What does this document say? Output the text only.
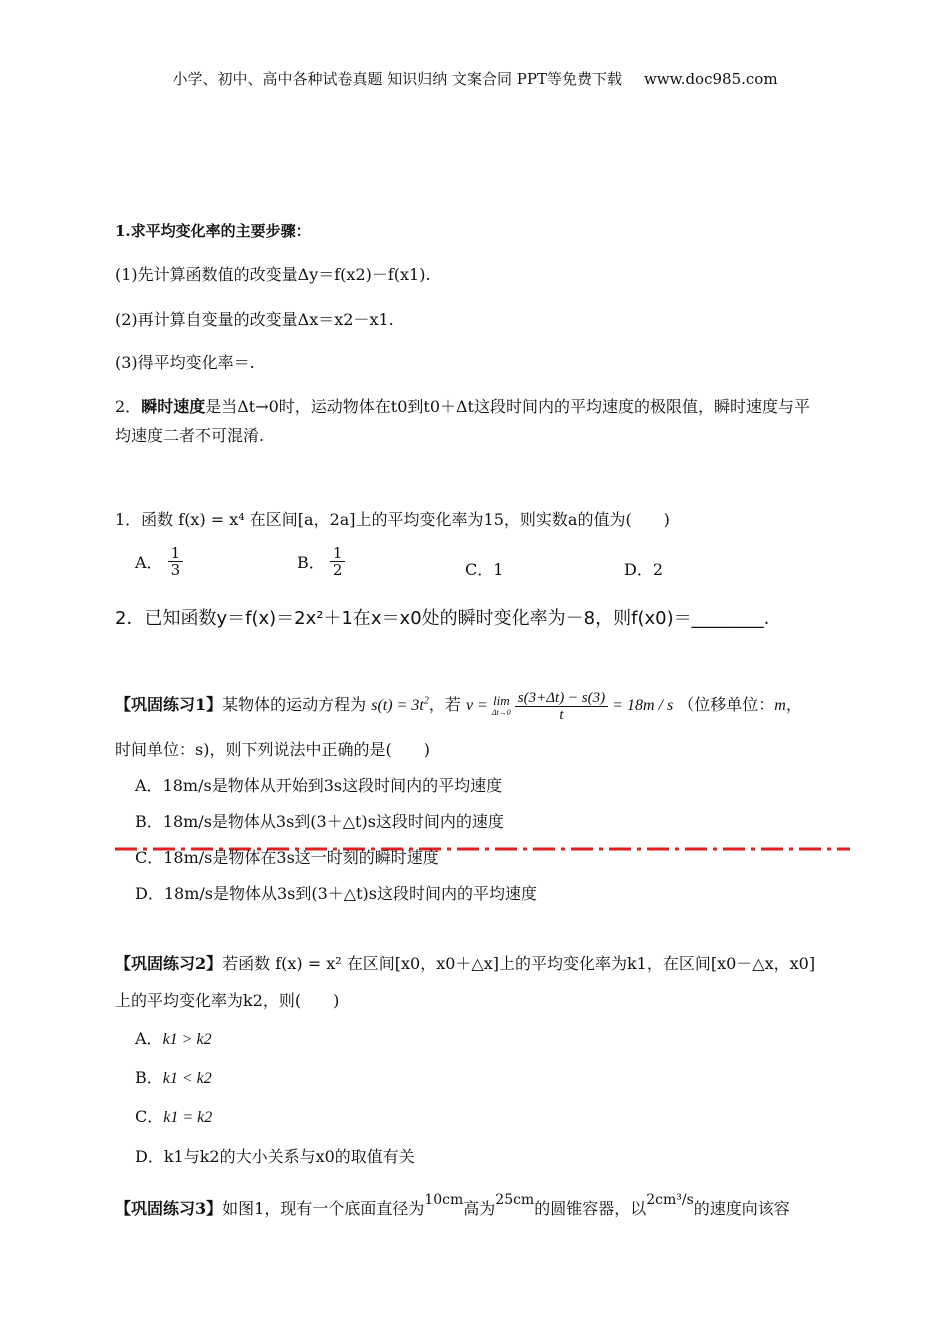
小学、初中、高中各种试卷真题 知识归纳 文案合同 PPT等免费下载 www.doc985.com
1.求平均变化率的主要步骤：
(1)先计算函数值的改变量Δy＝f(x2)－f(x1).
(2)再计算自变量的改变量Δx＝x2－x1.
(3)得平均变化率＝.
2．瞬时速度是当Δt→0时，运动物体在t0到t0＋Δt这段时间内的平均速度的极限值，瞬时速度与平
均速度二者不可混淆.
1．函数 f(x) = x⁴ 在区间[a，2a]上的平均变化率为15，则实数a的值为(　　)
A． $\frac{1}{3}$	B． $\frac{1}{2}$	C．1	D．2
2．已知函数y＝f(x)＝2x²＋1在x＝x0处的瞬时变化率为－8，则f(x0)＝________.
【巩固练习1】某物体的运动方程为 $s(t) = 3t^2$，若 v = lim
Δt→0
$\frac{s(3+\Delta t) - s(3)}{t} = 18m / s$ （位移单位：m，
时间单位：s)，则下列说法中正确的是(　　)
A．18m/s是物体从开始到3s这段时间内的平均速度
B．18m/s是物体从3s到(3＋△t)s这段时间内的速度
C．18m/s是物体在3s这一时刻的瞬时速度
D．18m/s是物体从3s到(3＋△t)s这段时间内的平均速度
【巩固练习2】若函数 f(x) = x² 在区间[x0，x0＋△x]上的平均变化率为k1，在区间[x0－△x，x0]
上的平均变化率为k2，则(　　)
A．k1 > k2
B．k1 < k2
C．k1 = k2
D．k1与k2的大小关系与x0的取值有关
【巩固练习3】如图1，现有一个底面直径为$^{10cm}$高为$^{25cm}$的圆锥容器，以$^{2cm^3/s}$的速度向该容
